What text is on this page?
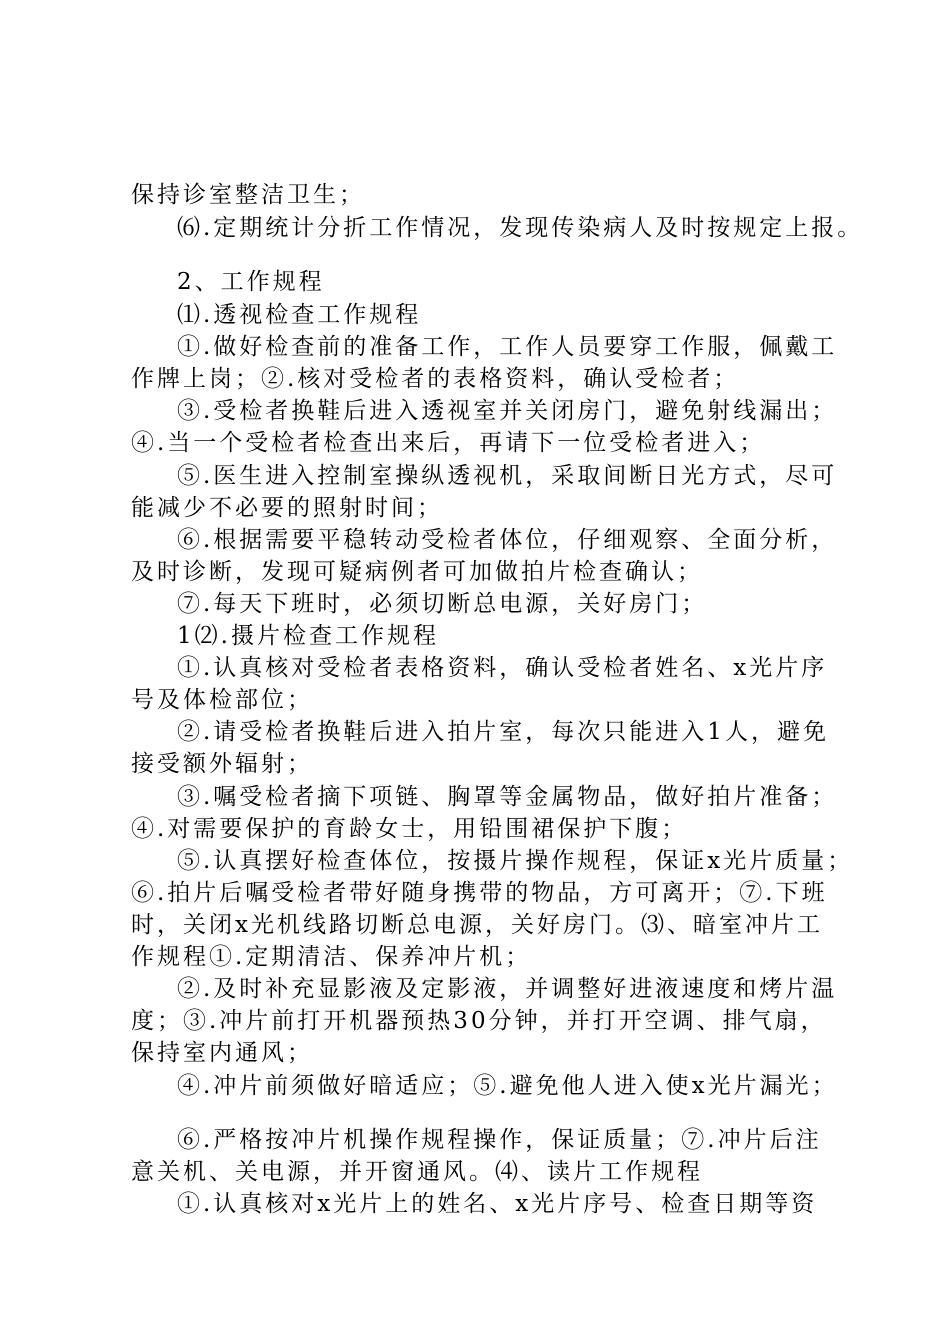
保持诊室整洁卫生；
⑹.定期统计分折工作情况，发现传染病人及时按规定上报。
2、工作规程
⑴.透视检查工作规程
①.做好检查前的准备工作，工作人员要穿工作服，佩戴工
作牌上岗；②.核对受检者的表格资料，确认受检者；
③.受检者换鞋后进入透视室并关闭房门，避免射线漏出；
④.当一个受检者检查出来后，再请下一位受检者进入；
⑤.医生进入控制室操纵透视机，采取间断日光方式，尽可
能减少不必要的照射时间；
⑥.根据需要平稳转动受检者体位，仔细观察、全面分析，
及时诊断，发现可疑病例者可加做拍片检查确认；
⑦.每天下班时，必须切断总电源，关好房门；
1⑵.摄片检查工作规程
①.认真核对受检者表格资料，确认受检者姓名、x光片序
号及体检部位；
②.请受检者换鞋后进入拍片室，每次只能进入1人，避免
接受额外辐射；
③.嘱受检者摘下项链、胸罩等金属物品，做好拍片准备；
④.对需要保护的育龄女士，用铅围裙保护下腹；
⑤.认真摆好检查体位，按摄片操作规程，保证x光片质量；
⑥.拍片后嘱受检者带好随身携带的物品，方可离开；⑦.下班
时，关闭x光机线路切断总电源，关好房门。⑶、暗室冲片工
作规程①.定期清洁、保养冲片机；
②.及时补充显影液及定影液，并调整好进液速度和烤片温
度；③.冲片前打开机器预热30分钟，并打开空调、排气扇，
保持室内通风；
④.冲片前须做好暗适应；⑤.避免他人进入使x光片漏光；
⑥.严格按冲片机操作规程操作，保证质量；⑦.冲片后注
意关机、关电源，并开窗通风。⑷、读片工作规程
①.认真核对x光片上的姓名、x光片序号、检查日期等资
